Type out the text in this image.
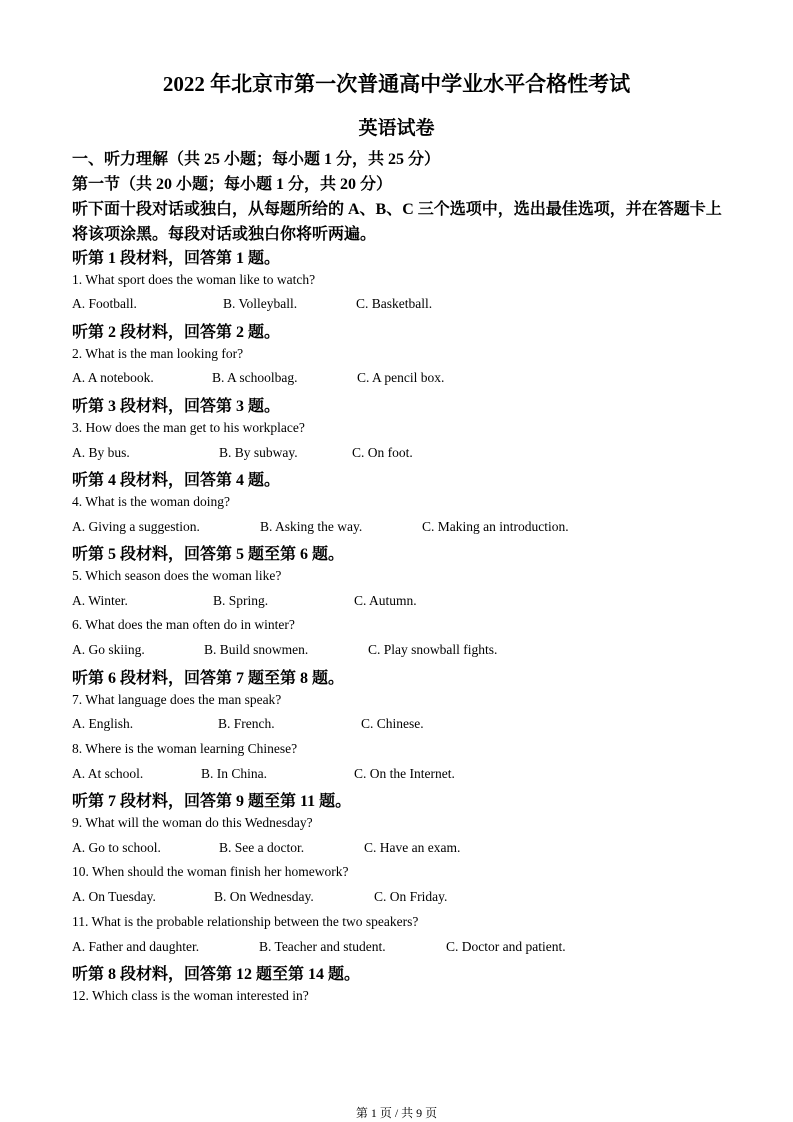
2022 年北京市第一次普通高中学业水平合格性考试
英语试卷
一、听力理解（共 25 小题；每小题 1 分，共 25 分）
第一节（共 20 小题；每小题 1 分，共 20 分）
听下面十段对话或独白，从每题所给的 A、B、C 三个选项中，选出最佳选项，并在答题卡上
将该项涂黑。每段对话或独白你将听两遍。
听第 1 段材料，回答第 1 题。
1. What sport does the woman like to watch?
A. Football.	B. Volleyball.	C. Basketball.
听第 2 段材料，回答第 2 题。
2. What is the man looking for?
A. A notebook.	B. A schoolbag.	C. A pencil box.
听第 3 段材料，回答第 3 题。
3. How does the man get to his workplace?
A. By bus.	B. By subway.	C. On foot.
听第 4 段材料，回答第 4 题。
4. What is the woman doing?
A. Giving a suggestion.	B. Asking the way.	C. Making an introduction.
听第 5 段材料，回答第 5 题至第 6 题。
5. Which season does the woman like?
A. Winter.	B. Spring.	C. Autumn.
6. What does the man often do in winter?
A. Go skiing.	B. Build snowmen.	C. Play snowball fights.
听第 6 段材料，回答第 7 题至第 8 题。
7. What language does the man speak?
A. English.	B. French.	C. Chinese.
8. Where is the woman learning Chinese?
A. At school.	B. In China.	C. On the Internet.
听第 7 段材料，回答第 9 题至第 11 题。
9. What will the woman do this Wednesday?
A. Go to school.	B. See a doctor.	C. Have an exam.
10. When should the woman finish her homework?
A. On Tuesday.	B. On Wednesday.	C. On Friday.
11. What is the probable relationship between the two speakers?
A. Father and daughter.	B. Teacher and student.	C. Doctor and patient.
听第 8 段材料，回答第 12 题至第 14 题。
12. Which class is the woman interested in?
第 1 页 / 共 9 页
